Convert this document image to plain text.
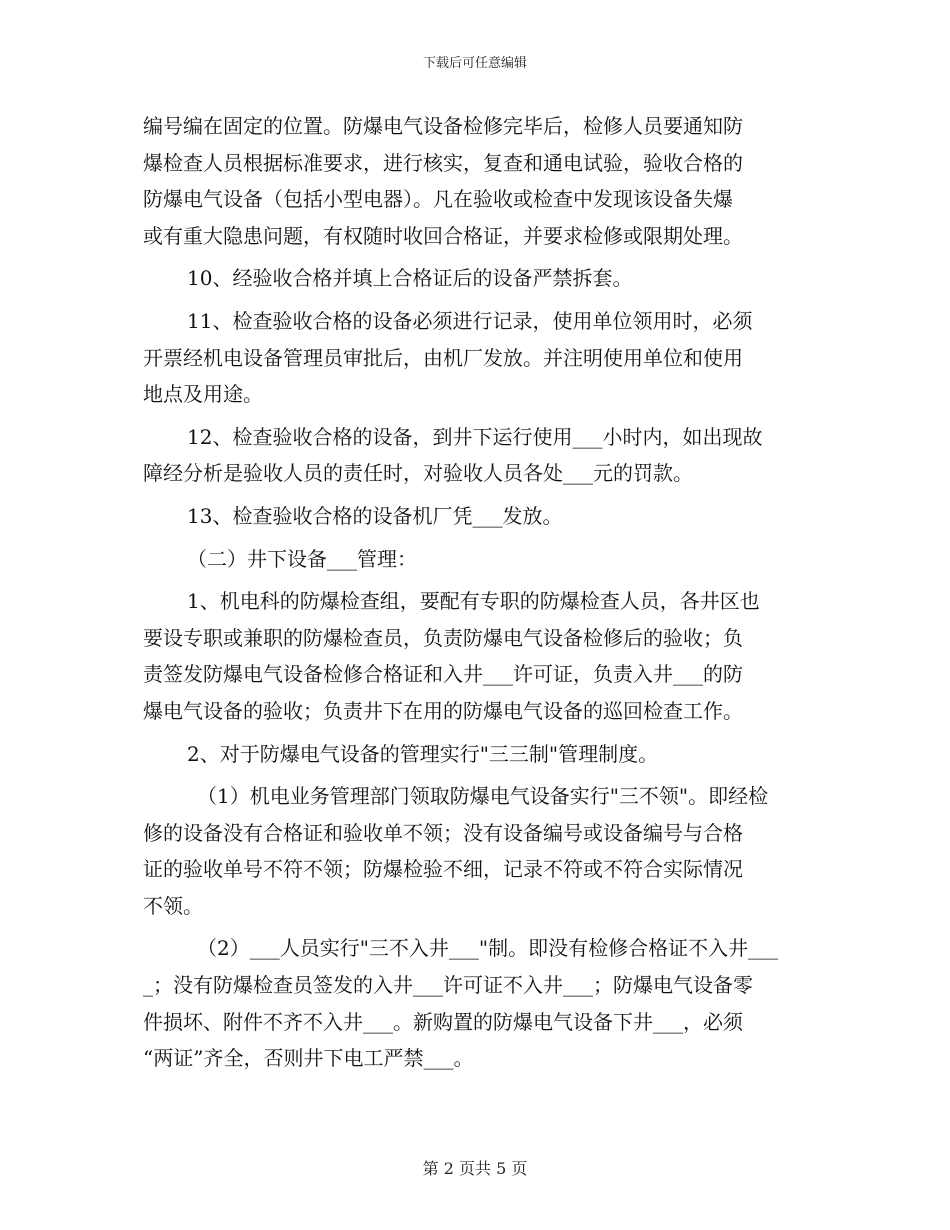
下载后可任意编辑
编号编在固定的位置。防爆电气设备检修完毕后，检修人员要通知防
爆检查人员根据标准要求，进行核实，复查和通电试验，验收合格的
防爆电气设备（包括小型电器）。凡在验收或检查中发现该设备失爆
或有重大隐患问题，有权随时收回合格证，并要求检修或限期处理。
10、经验收合格并填上合格证后的设备严禁拆套。
11、检查验收合格的设备必须进行记录，使用单位领用时，必须
开票经机电设备管理员审批后，由机厂发放。并注明使用单位和使用
地点及用途。
12、检查验收合格的设备，到井下运行使用___小时内，如出现故
障经分析是验收人员的责任时，对验收人员各处___元的罚款。
13、检查验收合格的设备机厂凭___发放。
（二）井下设备___管理：
1、机电科的防爆检查组，要配有专职的防爆检查人员，各井区也
要设专职或兼职的防爆检查员，负责防爆电气设备检修后的验收；负
责签发防爆电气设备检修合格证和入井___许可证，负责入井___的防
爆电气设备的验收；负责井下在用的防爆电气设备的巡回检查工作。
2、对于防爆电气设备的管理实行"三三制"管理制度。
（1）机电业务管理部门领取防爆电气设备实行"三不领"。即经检
修的设备没有合格证和验收单不领；没有设备编号或设备编号与合格
证的验收单号不符不领；防爆检验不细，记录不符或不符合实际情况
不领。
（2）___人员实行"三不入井___"制。即没有检修合格证不入井___
_；没有防爆检查员签发的入井___许可证不入井___；防爆电气设备零
件损坏、附件不齐不入井___。新购置的防爆电气设备下井___，必须
“两证”齐全，否则井下电工严禁___。
第 2 页共 5 页
